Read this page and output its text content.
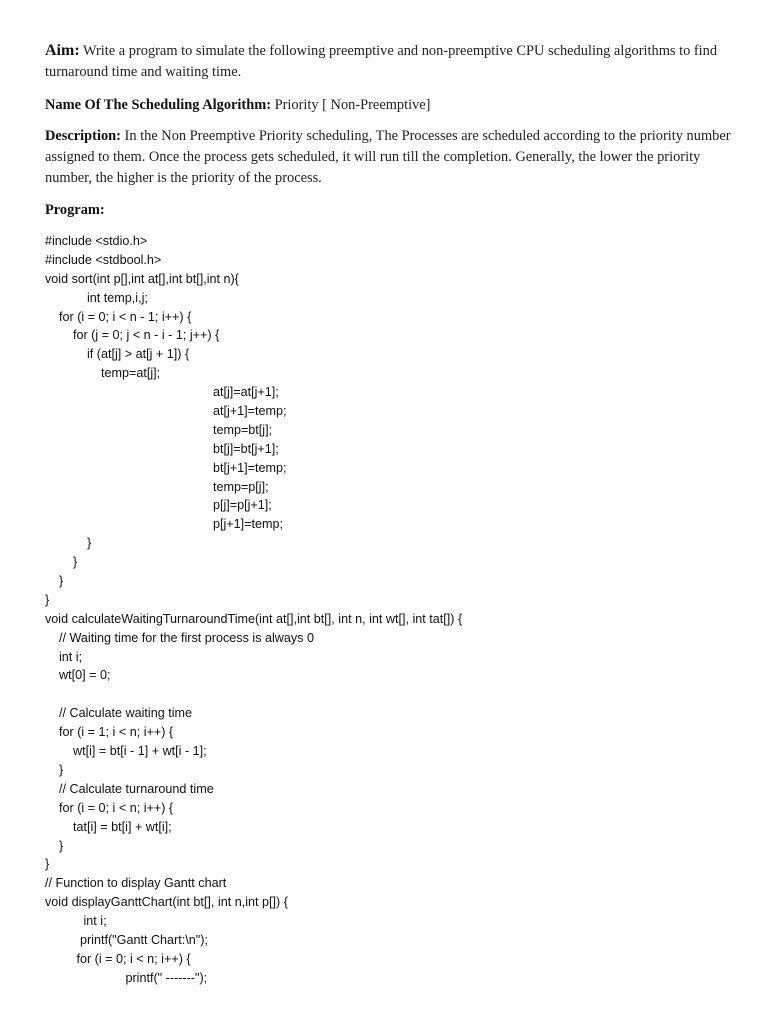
Aim: Write a program to simulate the following preemptive and non-preemptive CPU scheduling algorithms to find turnaround time and waiting time.

Name Of The Scheduling Algorithm: Priority [ Non-Preemptive]

Description: In the Non Preemptive Priority scheduling, The Processes are scheduled according to the priority number assigned to them. Once the process gets scheduled, it will run till the completion. Generally, the lower the priority number, the higher is the priority of the process.

Program:

#include <stdio.h>
#include <stdbool.h>
void sort(int p[],int at[],int bt[],int n){
int temp,i,j;
for (i = 0; i < n - 1; i++) {
for (j = 0; j < n - i - 1; j++) {
if (at[j] > at[j + 1]) {
temp=at[j];
at[j]=at[j+1];
at[j+1]=temp;
temp=bt[j];
bt[j]=bt[j+1];
bt[j+1]=temp;
temp=p[j];
p[j]=p[j+1];
p[j+1]=temp;
}
}
}
}
void calculateWaitingTurnaroundTime(int at[],int bt[], int n, int wt[], int tat[]) {
// Waiting time for the first process is always 0
int i;
wt[0] = 0;
// Calculate waiting time
for (i = 1; i < n; i++) {
wt[i] = bt[i - 1] + wt[i - 1];
}
// Calculate turnaround time
for (i = 0; i < n; i++) {
tat[i] = bt[i] + wt[i];
}
}
// Function to display Gantt chart
void displayGanttChart(int bt[], int n,int p[]) {
int i;
printf("Gantt Chart:\n");
for (i = 0; i < n; i++) {
printf(" -------");
